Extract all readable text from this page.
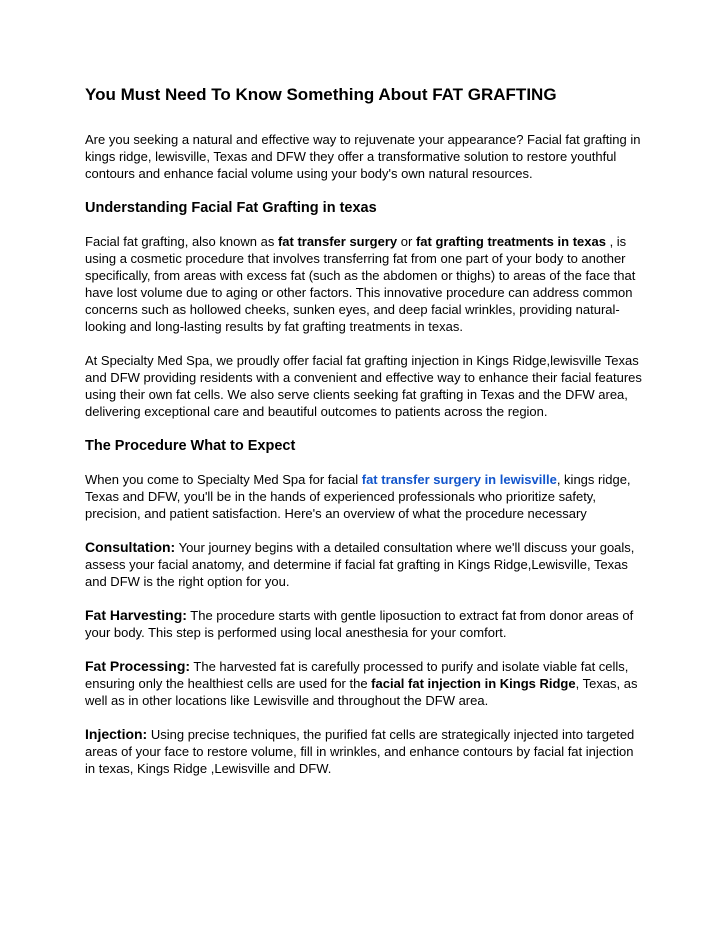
You Must Need To Know Something About FAT GRAFTING

Are you seeking a natural and effective way to rejuvenate your appearance? Facial fat grafting in kings ridge, lewisville, Texas and DFW they offer a transformative solution to restore youthful contours and enhance facial volume using your body's own natural resources.

Understanding Facial Fat Grafting in texas

Facial fat grafting, also known as fat transfer surgery or fat grafting treatments in texas , is using a cosmetic procedure that involves transferring fat from one part of your body to another specifically, from areas with excess fat (such as the abdomen or thighs) to areas of the face that have lost volume due to aging or other factors. This innovative procedure can address common concerns such as hollowed cheeks, sunken eyes, and deep facial wrinkles, providing natural-looking and long-lasting results by fat grafting treatments in texas.

At Specialty Med Spa, we proudly offer facial fat grafting injection in Kings Ridge,lewisville Texas and DFW providing residents with a convenient and effective way to enhance their facial features using their own fat cells. We also serve clients seeking fat grafting in Texas and the DFW area, delivering exceptional care and beautiful outcomes to patients across the region.

The Procedure What to Expect

When you come to Specialty Med Spa for facial fat transfer surgery in lewisville, kings ridge, Texas and DFW, you'll be in the hands of experienced professionals who prioritize safety, precision, and patient satisfaction. Here's an overview of what the procedure necessary

Consultation: Your journey begins with a detailed consultation where we'll discuss your goals, assess your facial anatomy, and determine if facial fat grafting in Kings Ridge,Lewisville, Texas and DFW is the right option for you.

Fat Harvesting: The procedure starts with gentle liposuction to extract fat from donor areas of your body. This step is performed using local anesthesia for your comfort.

Fat Processing: The harvested fat is carefully processed to purify and isolate viable fat cells, ensuring only the healthiest cells are used for the facial fat injection in Kings Ridge, Texas, as well as in other locations like Lewisville and throughout the DFW area.

Injection: Using precise techniques, the purified fat cells are strategically injected into targeted areas of your face to restore volume, fill in wrinkles, and enhance contours by facial fat injection in texas, Kings Ridge ,Lewisville and DFW.
